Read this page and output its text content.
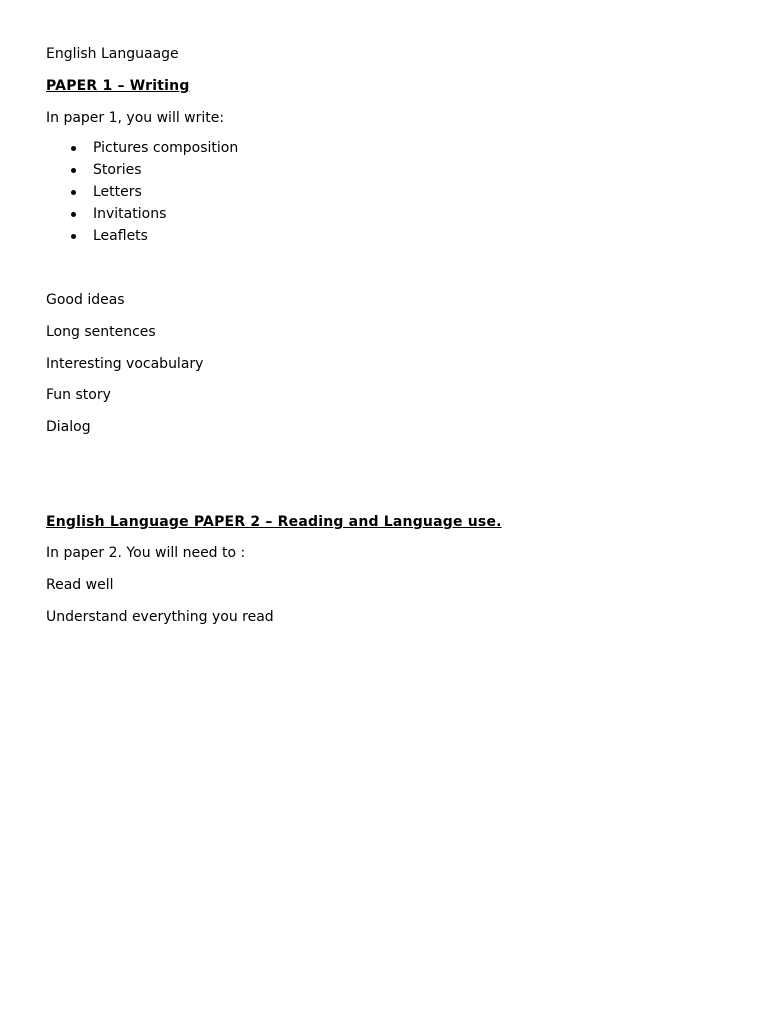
English Languaage
PAPER 1 – Writing
In paper 1, you will write:
Pictures composition
Stories
Letters
Invitations
Leaflets
Good ideas
Long sentences
Interesting vocabulary
Fun story
Dialog
English Language PAPER 2 – Reading and Language use.
In paper 2. You will need to :
Read well
Understand everything you read
